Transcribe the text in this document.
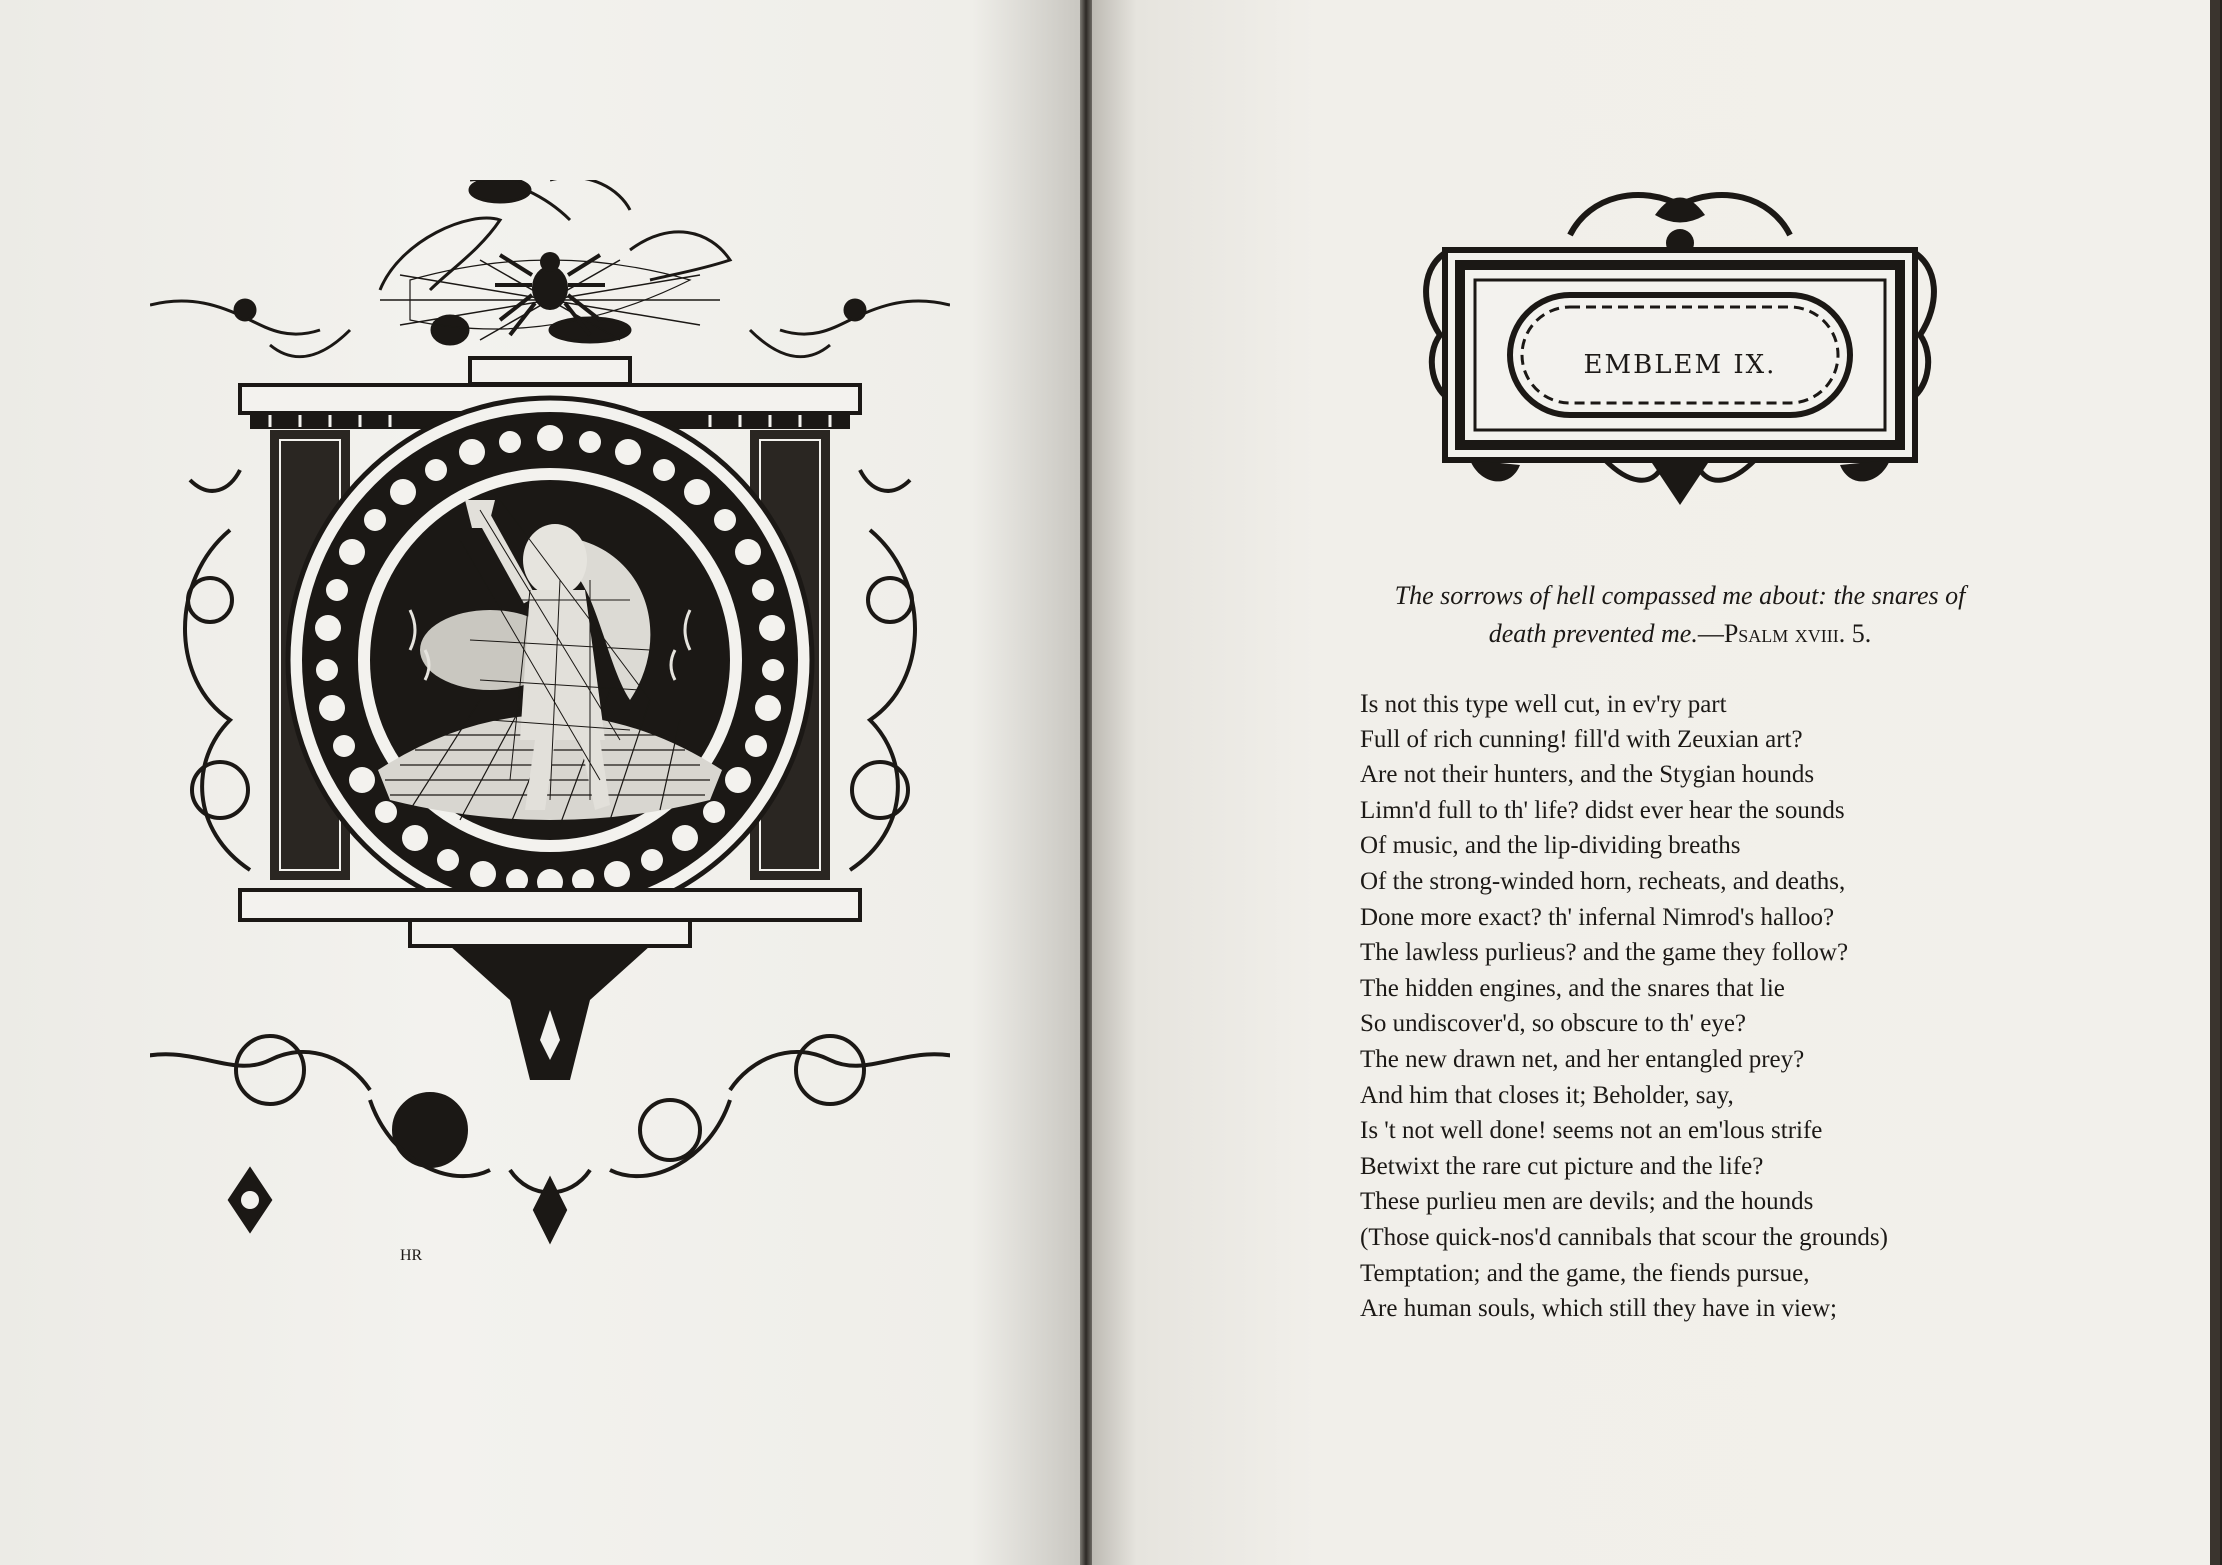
HR
EMBLEM IX.
The sorrows of hell compassed me about: the snares of
death prevented me.—Psalm xviii. 5.
Is not this type well cut, in ev'ry part
Full of rich cunning! fill'd with Zeuxian art?
Are not their hunters, and the Stygian hounds
Limn'd full to th' life? didst ever hear the sounds
Of music, and the lip-dividing breaths
Of the strong-winded horn, recheats, and deaths,
Done more exact? th' infernal Nimrod's halloo?
The lawless purlieus? and the game they follow?
The hidden engines, and the snares that lie
So undiscover'd, so obscure to th' eye?
The new drawn net, and her entangled prey?
And him that closes it; Beholder, say,
Is 't not well done! seems not an em'lous strife
Betwixt the rare cut picture and the life?
These purlieu men are devils; and the hounds
(Those quick-nos'd cannibals that scour the grounds)
Temptation; and the game, the fiends pursue,
Are human souls, which still they have in view;
